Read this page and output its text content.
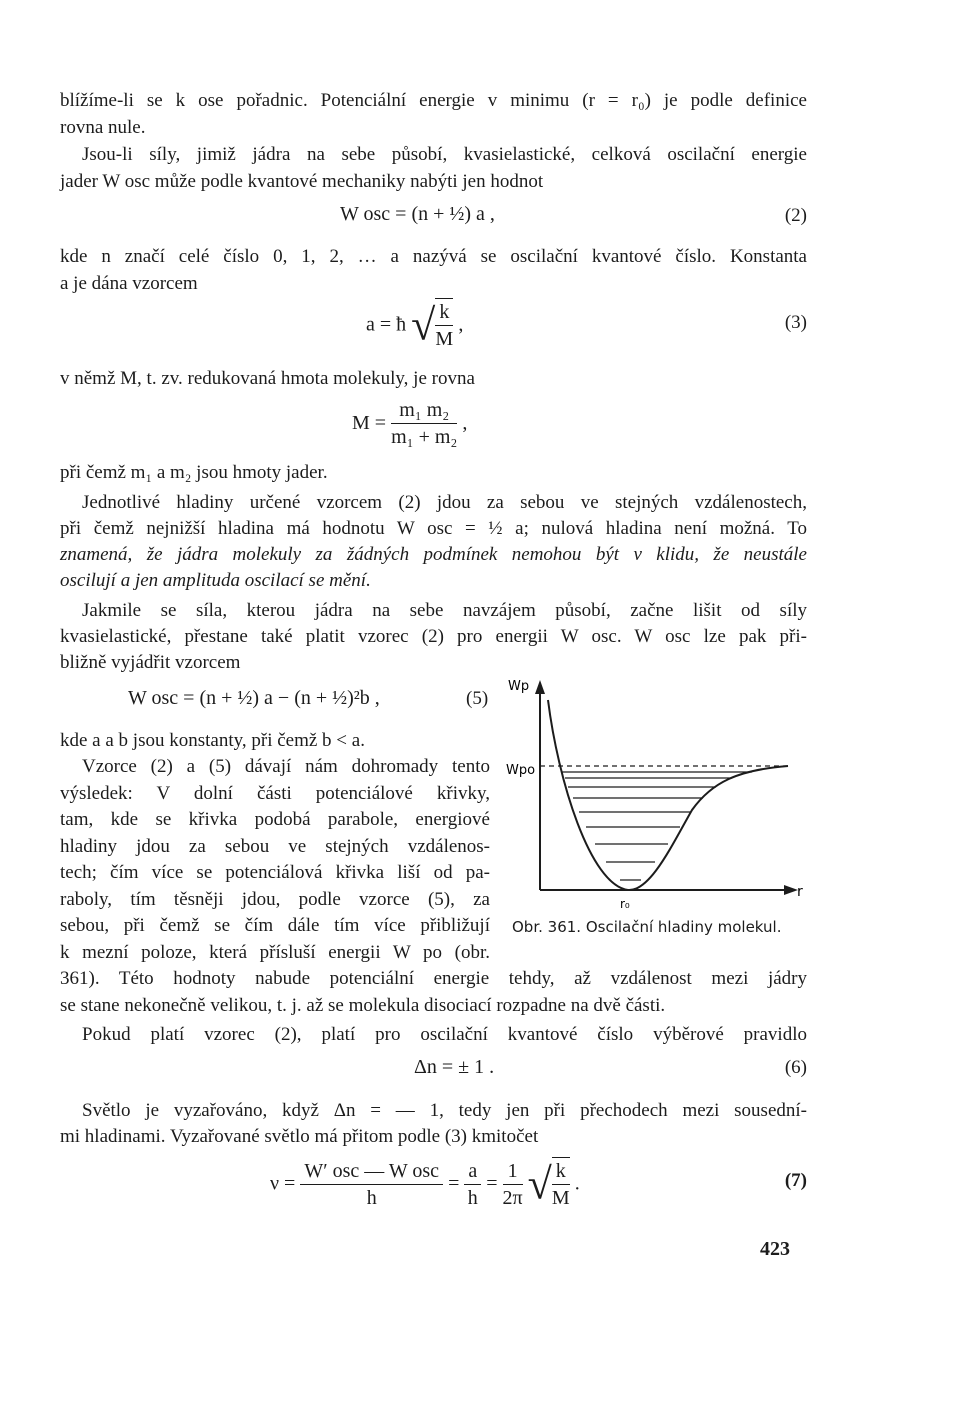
blížíme-li se k ose pořadnic. Potenciální energie v minimu (r = r₀) je podle definice
rovna nule.
Jsou-li síly, jimiž jádra na sebe působí, kvasielastické, celková oscilační energie
jader W osc může podle kvantové mechaniky nabýti jen hodnot
W osc = (n + ½) a ,	(2)
kde n značí celé číslo 0, 1, 2, … a nazývá se oscilační kvantové číslo. Konstanta
a je dána vzorcem
a = ħ √ $\frac{k}{M}$ ,	(3)
v němž M, t. zv. redukovaná hmota molekuly, je rovna
$M = \frac{\text{m₁ m₂}}{\text{m₁ + m₂}}$ ,
při čemž m₁ a m₂ jsou hmoty jader.
Jednotlivé hladiny určené vzorcem (2) jdou za sebou ve stejných vzdálenostech,
při čemž nejnižší hladina má hodnotu W osc = ½ a; nulová hladina není možná. To
znamená, že jádra molekuly za žádných podmínek nemohou být v klidu, že neustále
oscilují a jen amplituda oscilací se mění.
Jakmile se síla, kterou jádra na sebe navzájem působí, začne lišit od síly
kvasielastické, přestane také platit vzorec (2) pro energii W osc. W osc lze pak při-
bližně vyjádřit vzorcem
W osc = (n + ½) a − (n + ½)²b ,	(5)
kde a a b jsou konstanty, při čemž b < a.
Vzorce (2) a (5) dávají nám dohromady tento
výsledek: V dolní části potenciálové křivky,
tam, kde se křivka podobá parabole, energiové
hladiny jdou za sebou ve stejných vzdálenos-
tech; čím více se potenciálová křivka liší od pa-
raboly, tím těsněji jdou, podle vzorce (5), za
sebou, při čemž se čím dále tím více přibližují
k mezní poloze, která přísluší energii W po (obr.
361). Této hodnoty nabude potenciální energie tehdy, až vzdálenost mezi jádry
se stane nekonečně velikou, t. j. až se molekula disociací rozpadne na dvě části.
Wp
Wpo
r
r₀
Obr. 361. Oscilační hladiny molekul.
Pokud platí vzorec (2), platí pro oscilační kvantové číslo výběrové pravidlo
Δn = ± 1 .	(6)
Světlo je vyzařováno, když Δn = — 1, tedy jen při přechodech mezi sousední-
mi hladinami. Vyzařované světlo má přitom podle (3) kmitočet
$\nu = \frac{\text{W′ osc — W osc}}{h} = \frac{a}{h} = \frac{1}{2\pi}$ √ $\frac{k}{M}$ .	(7)
423
